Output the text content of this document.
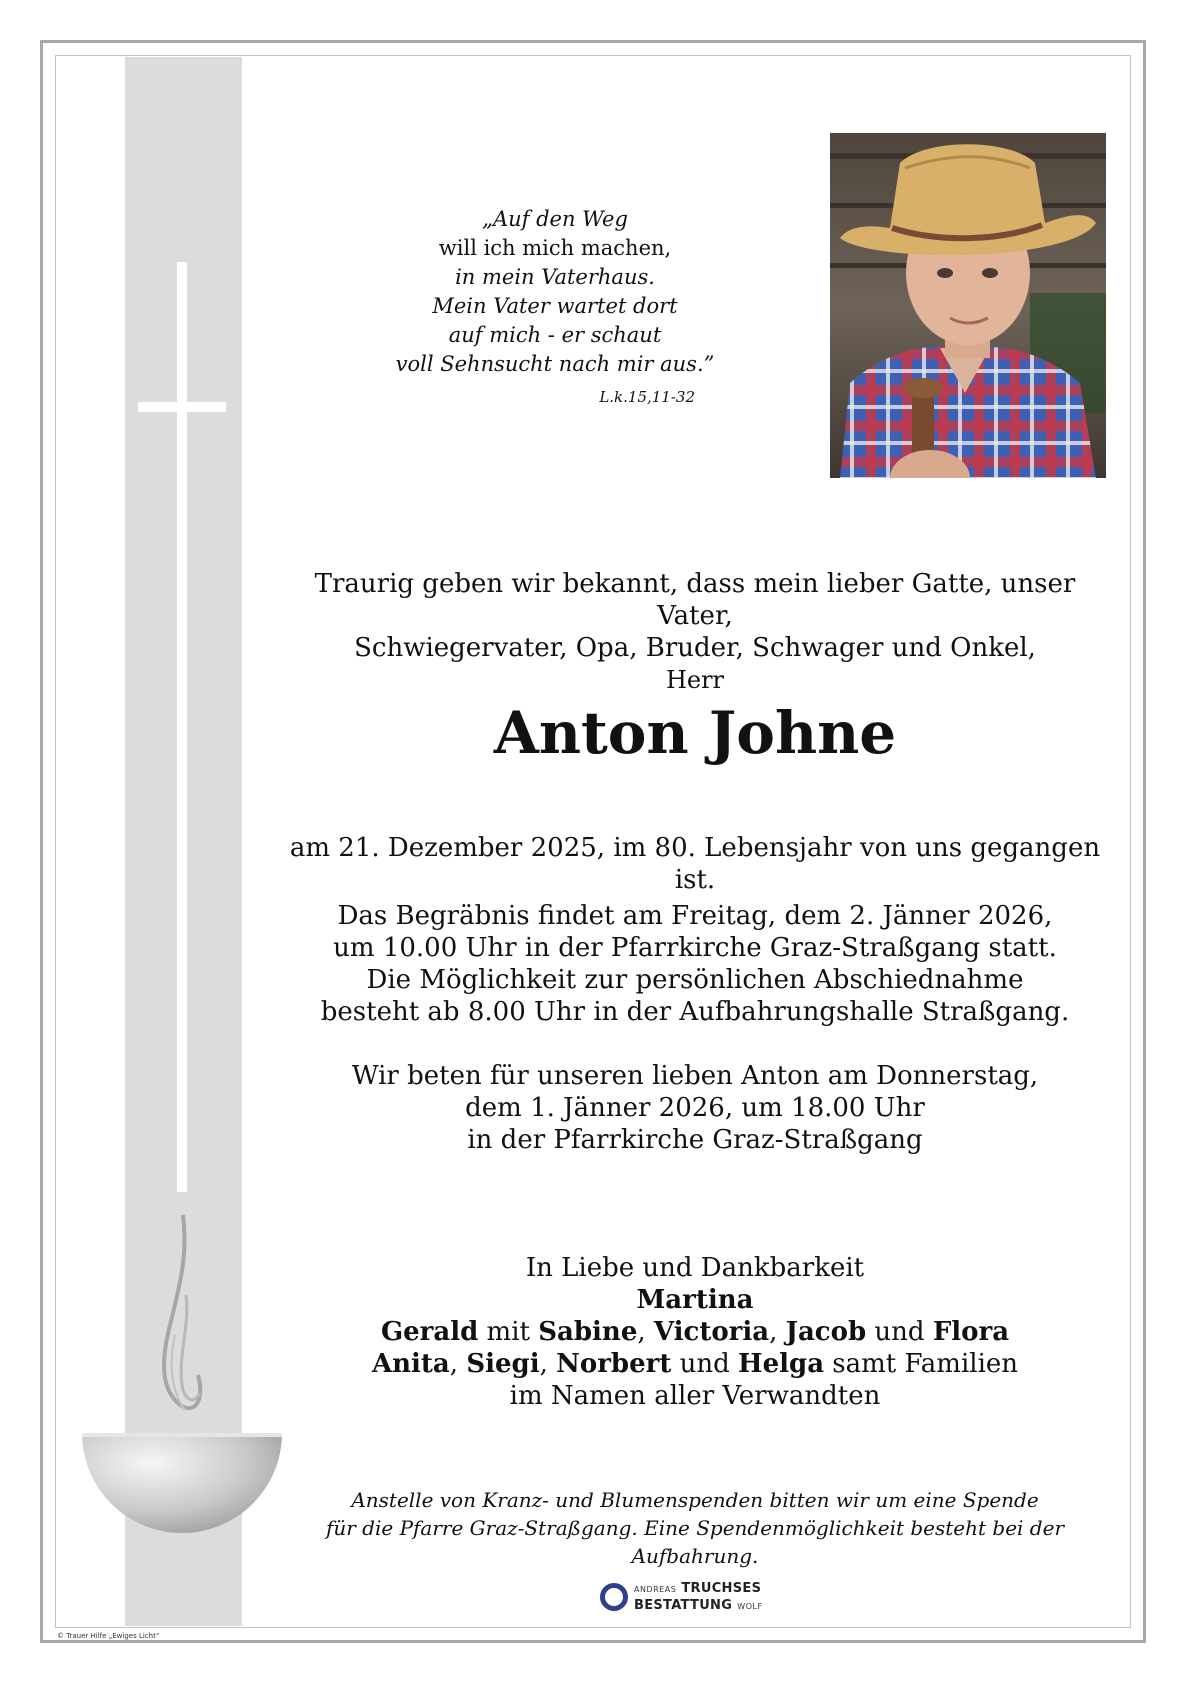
„Auf den Weg
will ich mich machen,
in mein Vaterhaus.
Mein Vater wartet dort
auf mich - er schaut
voll Sehnsucht nach mir aus.”
L.k.15,11-32
Traurig geben wir bekannt, dass mein lieber Gatte, unser Vater,
Schwiegervater, Opa, Bruder, Schwager und Onkel,
Herr
Anton Johne
am 21. Dezember 2025, im 80. Lebensjahr von uns gegangen ist.
Das Begräbnis findet am Freitag, dem 2. Jänner 2026,
um 10.00 Uhr in der Pfarrkirche Graz-Straßgang statt.
Die Möglichkeit zur persönlichen Abschiednahme
besteht ab 8.00 Uhr in der Aufbahrungshalle Straßgang.
Wir beten für unseren lieben Anton am Donnerstag,
dem 1. Jänner 2026, um 18.00 Uhr
in der Pfarrkirche Graz-Straßgang
In Liebe und Dankbarkeit
Martina
Gerald mit Sabine, Victoria, Jacob und Flora
Anita, Siegi, Norbert und Helga samt Familien
im Namen aller Verwandten
Anstelle von Kranz- und Blumenspenden bitten wir um eine Spende
für die Pfarre Graz-Straßgang. Eine Spendenmöglichkeit besteht bei der Aufbahrung.
ANDREAS TRUCHSES
BESTATTUNG WOLF
© Trauer Hilfe „Ewiges Licht“
